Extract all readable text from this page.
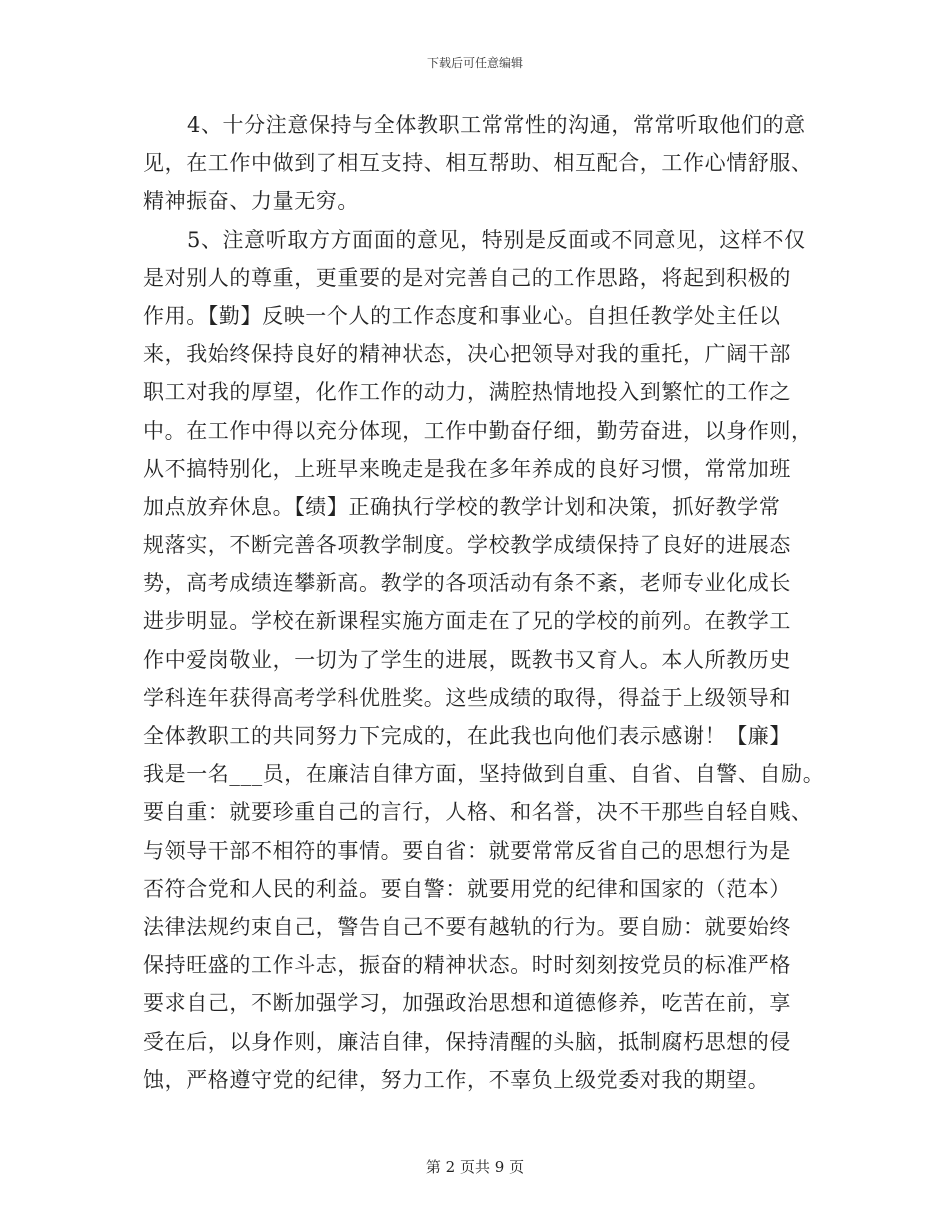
下载后可任意编辑
4、十分注意保持与全体教职工常常性的沟通，常常听取他们的意
见，在工作中做到了相互支持、相互帮助、相互配合，工作心情舒服、
精神振奋、力量无穷。
5、注意听取方方面面的意见，特别是反面或不同意见，这样不仅
是对别人的尊重，更重要的是对完善自己的工作思路，将起到积极的
作用。【勤】反映一个人的工作态度和事业心。自担任教学处主任以
来，我始终保持良好的精神状态，决心把领导对我的重托，广阔干部
职工对我的厚望，化作工作的动力，满腔热情地投入到繁忙的工作之
中。在工作中得以充分体现，工作中勤奋仔细，勤劳奋进，以身作则，
从不搞特别化，上班早来晚走是我在多年养成的良好习惯，常常加班
加点放弃休息。【绩】正确执行学校的教学计划和决策，抓好教学常
规落实，不断完善各项教学制度。学校教学成绩保持了良好的进展态
势，高考成绩连攀新高。教学的各项活动有条不紊，老师专业化成长
进步明显。学校在新课程实施方面走在了兄的学校的前列。在教学工
作中爱岗敬业，一切为了学生的进展，既教书又育人。本人所教历史
学科连年获得高考学科优胜奖。这些成绩的取得，得益于上级领导和
全体教职工的共同努力下完成的，在此我也向他们表示感谢！【廉】
我是一名___员，在廉洁自律方面，坚持做到自重、自省、自警、自励。
要自重：就要珍重自己的言行，人格、和名誉，决不干那些自轻自贱、
与领导干部不相符的事情。要自省：就要常常反省自己的思想行为是
否符合党和人民的利益。要自警：就要用党的纪律和国家的（范本）
法律法规约束自己，警告自己不要有越轨的行为。要自励：就要始终
保持旺盛的工作斗志，振奋的精神状态。时时刻刻按党员的标准严格
要求自己，不断加强学习，加强政治思想和道德修养，吃苦在前，享
受在后，以身作则，廉洁自律，保持清醒的头脑，抵制腐朽思想的侵
蚀，严格遵守党的纪律，努力工作，不辜负上级党委对我的期望。
第 2 页共 9 页
